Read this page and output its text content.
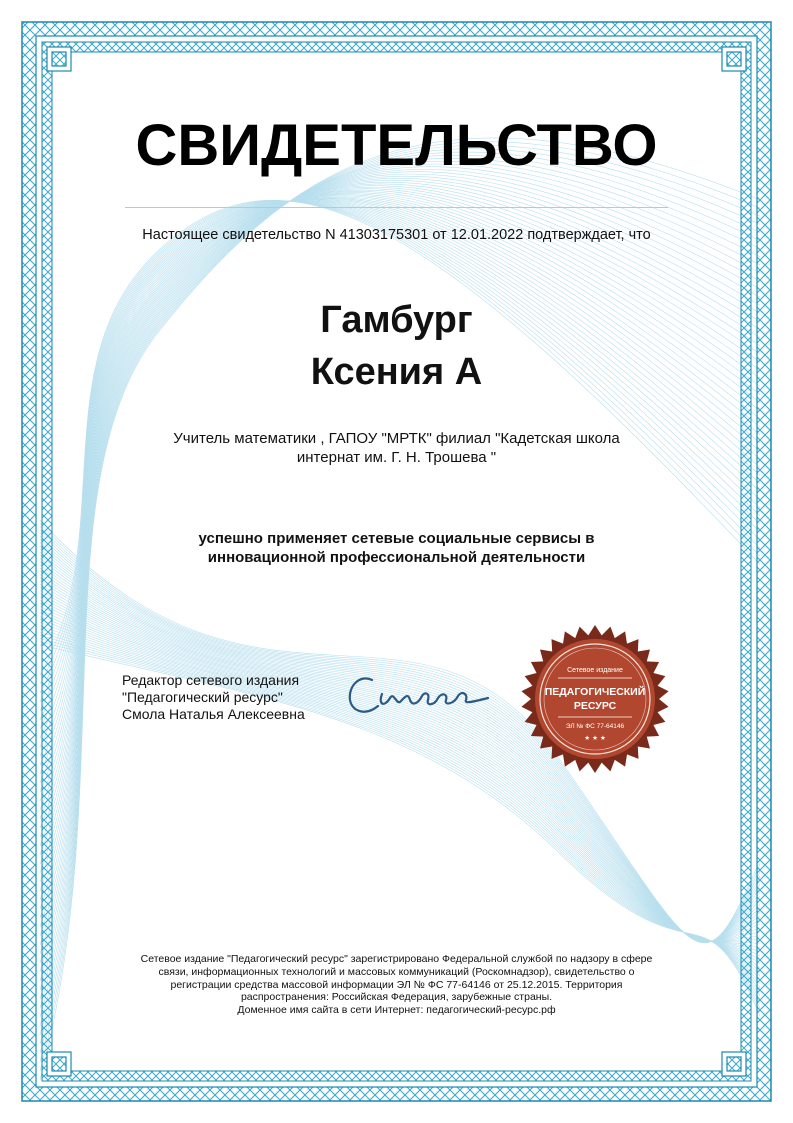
СВИДЕТЕЛЬСТВО
Настоящее свидетельство N 41303175301 от 12.01.2022 подтверждает, что
Гамбург
Ксения А
Учитель математики , ГАПОУ "МРТК" филиал "Кадетская школа интернат им. Г. Н. Трошева "
успешно применяет сетевые социальные сервисы в инновационной профессиональной деятельности
Редактор сетевого издания
"Педагогический ресурс"
Смола Наталья Алексеевна
Сетевое издание
ПЕДАГОГИЧЕСКИЙ
РЕСУРС
ЭЛ № ФС 77-64146
★ ★ ★
Сетевое издание "Педагогический ресурс" зарегистрировано Федеральной службой по надзору в сфере
связи, информационных технологий и массовых коммуникаций (Роскомнадзор), свидетельство о
регистрации средства массовой информации ЭЛ № ФС 77-64146 от 25.12.2015. Территория
распространения: Российская Федерация, зарубежные страны.
Доменное имя сайта в сети Интернет: педагогический-ресурс.рф
